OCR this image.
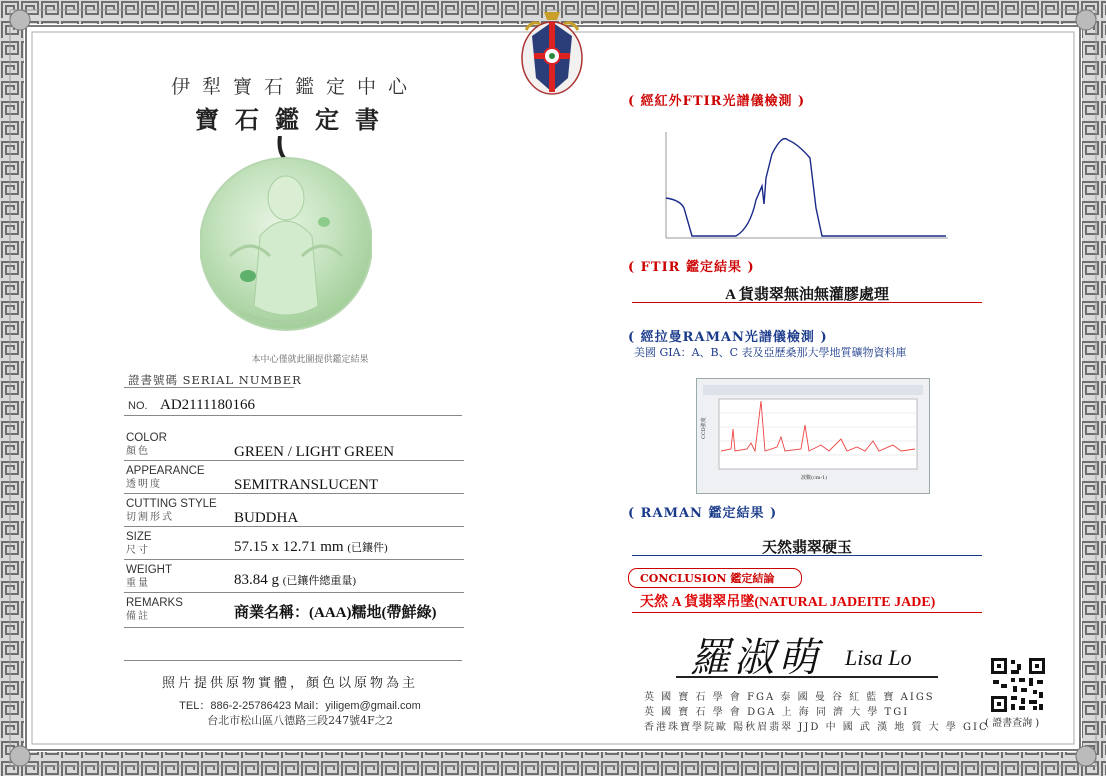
伊犁寶石鑑定中心
寶石鑑定書
本中心僅就此圖提供鑑定結果
證書號碼 SERIAL NUMBER
NO. AD2111180166
COLOR
顏色	GREEN / LIGHT GREEN
APPEARANCE
透明度	SEMITRANSLUCENT
CUTTING STYLE
切割形式	BUDDHA
SIZE
尺寸	57.15 x 12.71 mm (已鑲件)
WEIGHT
重量	83.84 g (已鑲件總重量)
REMARKS
備註	商業名稱：(AAA)糯地(帶鮮綠)
照片提供原物實體，顏色以原物為主
TEL：886-2-25786423 Mail：yiligem@gmail.com
台北市松山區八德路三段247號4F之2
( 經紅外FTIR光譜儀檢測 )
( FTIR 鑑定結果 )
A 貨翡翠無油無灌膠處理
( 經拉曼RAMAN光譜儀檢測 )
美國 GIA：A、B、C 表及亞歷桑那大學地質礦物資料庫
CCD強度
波數(cm-1)
( RAMAN 鑑定結果 )
天然翡翠硬玉
CONCLUSION 鑑定結論
天然 A 貨翡翠吊墜(NATURAL JADEITE JADE)
羅淑萌 Lisa Lo
英 國 寶 石 學 會 FGA 泰 國 曼 谷 紅 藍 寶 AIGS
英 國 寶 石 學 會 DGA 上 海 同 濟 大 學 TGI
香港珠寶學院歐 陽秋眉翡翠 JJD 中 國 武 漢 地 質 大 學 GIC
( 證書查詢 )
